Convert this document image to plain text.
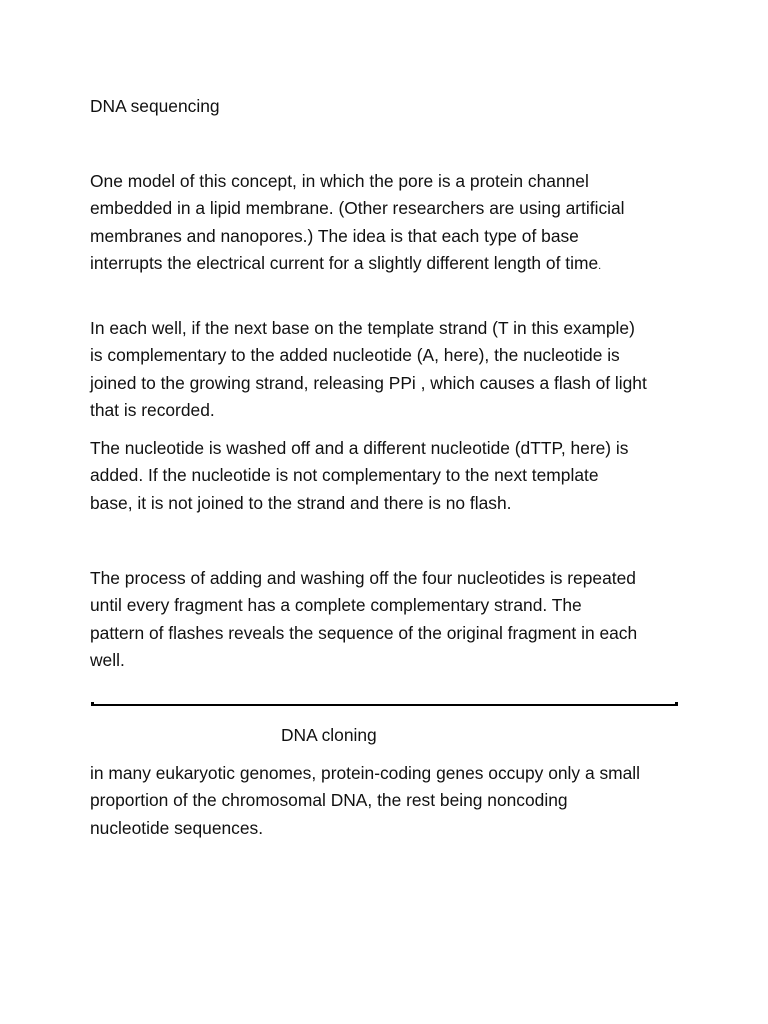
DNA sequencing

One model of this concept, in which the pore is a protein channel
embedded in a lipid membrane. (Other researchers are using artificial
membranes and nanopores.) The idea is that each type of base
interrupts the electrical current for a slightly different length of time.

In each well, if the next base on the template strand (T in this example)
is complementary to the added nucleotide (A, here), the nucleotide is
joined to the growing strand, releasing PPi , which causes a flash of light
that is recorded.

The nucleotide is washed off and a different nucleotide (dTTP, here) is
added. If the nucleotide is not complementary to the next template
base, it is not joined to the strand and there is no flash.

The process of adding and washing off the four nucleotides is repeated
until every fragment has a complete complementary strand. The
pattern of flashes reveals the sequence of the original fragment in each
well.

DNA cloning

in many eukaryotic genomes, protein-coding genes occupy only a small
proportion of the chromosomal DNA, the rest being noncoding
nucleotide sequences.
